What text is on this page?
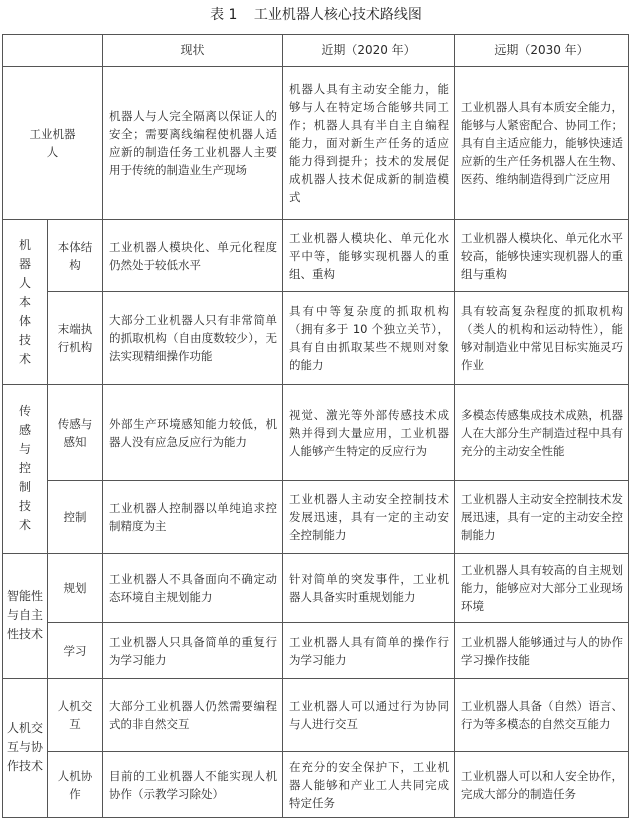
表 1 工业机器人核心技术路线图
		现状	近期（2020 年）	远期（2030 年）

工业机器人		机器人与人完全隔离以保证人的安全；需要离线编程使机器人适应新的制造任务工业机器人主要用于传统的制造业生产现场	机器人具有主动安全能力，能够与人在特定场合能够共同工作；机器人具有半自主自编程能力，面对新生产任务的适应能力得到提升；技术的发展促成机器人技术促成新的制造模式	工业机器人具有本质安全能力，能够与人紧密配合、协同工作；具有自主适应能力，能够快速适应新的生产任务机器人在生物、医药、维纳制造得到广泛应用

机器人本体技术	本体结构	工业机器人模块化、单元化程度仍然处于较低水平	工业机器人模块化、单元化水平中等，能够实现机器人的重组、重构	工业机器人模块化、单元化水平较高，能够快速实现机器人的重组与重构

	末端执行机构	大部分工业机器人只有非常简单的抓取机构（自由度数较少），无法实现精细操作功能	具有中等复杂度的抓取机构（拥有多于 10 个独立关节），具有自由抓取某些不规则对象的能力	具有较高复杂程度的抓取机构（类人的机构和运动特性），能够对制造业中常见目标实施灵巧作业

传感与控制技术	传感与感知	外部生产环境感知能力较低，机器人没有应急反应行为能力	视觉、激光等外部传感技术成熟并得到大量应用，工业机器人能够产生特定的反应行为	多模态传感集成技术成熟，机器人在大部分生产制造过程中具有充分的主动安全性能

	控制	工业机器人控制器以单纯追求控制精度为主	工业机器人主动安全控制技术发展迅速，具有一定的主动安全控制能力	工业机器人主动安全控制技术发展迅速，具有一定的主动安全控制能力

智能性与自主性技术	规划	工业机器人不具备面向不确定动态环境自主规划能力	针对简单的突发事件，工业机器人具备实时重规划能力	工业机器人具有较高的自主规划能力，能够应对大部分工业现场环境

	学习	工业机器人只具备简单的重复行为学习能力	工业机器人具有简单的操作行为学习能力	工业机器人能够通过与人的协作学习操作技能

人机交互与协作技术	人机交互	大部分工业机器人仍然需要编程式的非自然交互	工业机器人可以通过行为协同与人进行交互	工业机器人具备（自然）语言、行为等多模态的自然交互能力

	人机协作	目前的工业机器人不能实现人机协作（示教学习除处）	在充分的安全保护下，工业机器人能够和产业工人共同完成特定任务	工业机器人可以和人安全协作，完成大部分的制造任务
